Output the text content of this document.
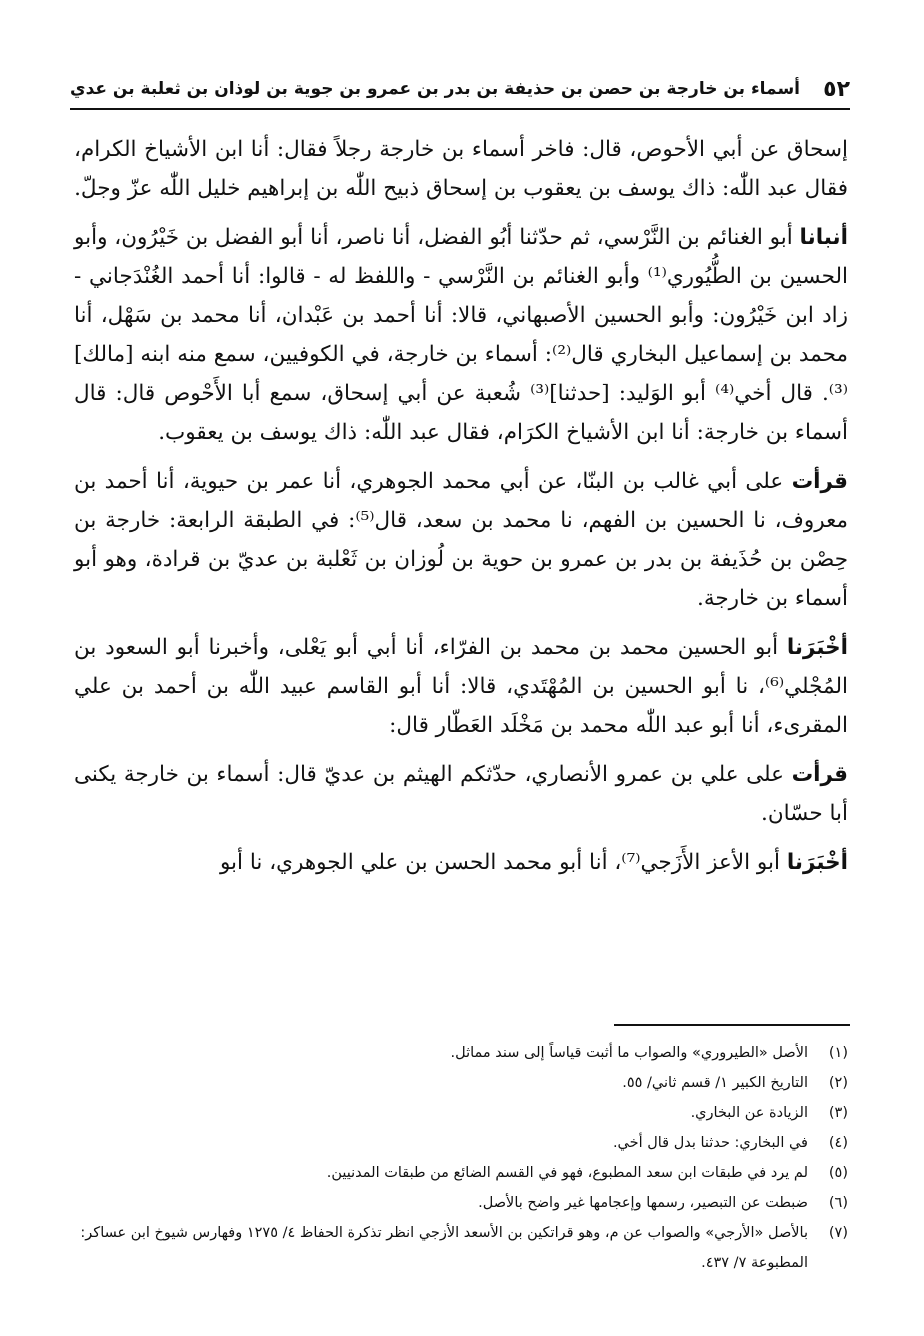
٥٢
أسماء بن خارجة بن حصن بن حذيفة بن بدر بن عمرو بن جوية بن لوذان بن ثعلبة بن عدي

إسحاق عن أبي الأحوص، قال: فاخر أسماء بن خارجة رجلاً فقال: أنا ابن الأشياخ الكرام، فقال عبد اللّٰه: ذاك يوسف بن يعقوب بن إسحاق ذبيح اللّٰه بن إبراهيم خليل اللّٰه عزّ وجلّ.

أنبانا أبو الغنائم بن النَّرْسي، ثم حدّثنا أبُو الفضل، أنا ناصر، أنا أبو الفضل بن خَيْرُون، وأبو الحسين بن الطُّيُوري⁽¹⁾ وأبو الغنائم بن النَّرْسي - واللفظ له - قالوا: أنا أحمد الغُنْدَجاني - زاد ابن خَيْرُون: وأبو الحسين الأصبهاني، قالا: أنا أحمد بن عَبْدان، أنا محمد بن سَهْل، أنا محمد بن إسماعيل البخاري قال⁽²⁾: أسماء بن خارجة، في الكوفيين، سمع منه ابنه [مالك]⁽³⁾. قال أخي⁽⁴⁾ أبو الوَليد: [حدثنا]⁽³⁾ شُعبة عن أبي إسحاق، سمع أبا الأَحْوص قال: قال أسماء بن خارجة: أنا ابن الأشياخ الكرَام، فقال عبد اللّٰه: ذاك يوسف بن يعقوب.

قرأت على أبي غالب بن البنّا، عن أبي محمد الجوهري، أنا عمر بن حيوية، أنا أحمد بن معروف، نا الحسين بن الفهم، نا محمد بن سعد، قال⁽⁵⁾: في الطبقة الرابعة: خارجة بن حِصْن بن حُذَيفة بن بدر بن عمرو بن حوية بن لُوزان بن ثَعْلبة بن عديّ بن قرادة، وهو أبو أسماء بن خارجة.

أخْبَرَنا أبو الحسين محمد بن محمد بن الفرّاء، أنا أبي أبو يَعْلى، وأخبرنا أبو السعود بن المُجْلي⁽⁶⁾، نا أبو الحسين بن المُهْتَدي، قالا: أنا أبو القاسم عبيد اللّٰه بن أحمد بن علي المقرىء، أنا أبو عبد اللّٰه محمد بن مَخْلَد العَطّار قال:

قرأت على علي بن عمرو الأنصاري، حدّثكم الهيثم بن عديّ قال: أسماء بن خارجة يكنى أبا حسّان.

أخْبَرَنا أبو الأعز الأَزَجي⁽⁷⁾، أنا أبو محمد الحسن بن علي الجوهري، نا أبو

(١)
الأصل «الطيروري» والصواب ما أثبت قياساً إلى سند مماثل.
(٢)
التاريخ الكبير ١/ قسم ثاني/ ٥٥.
(٣)
الزيادة عن البخاري.
(٤)
في البخاري: حدثنا بدل قال أخي.
(٥)
لم يرد في طبقات ابن سعد المطبوع، فهو في القسم الضائع من طبقات المدنيين.
(٦)
ضبطت عن التبصير، رسمها وإعجامها غير واضح بالأصل.
(٧)
بالأصل «الأرجي» والصواب عن م، وهو قراتكين بن الأسعد الأزجي انظر تذكرة الحفاظ ٤/ ١٢٧٥ وفهارس شيوخ ابن عساكر: المطبوعة ٧/ ٤٣٧.
